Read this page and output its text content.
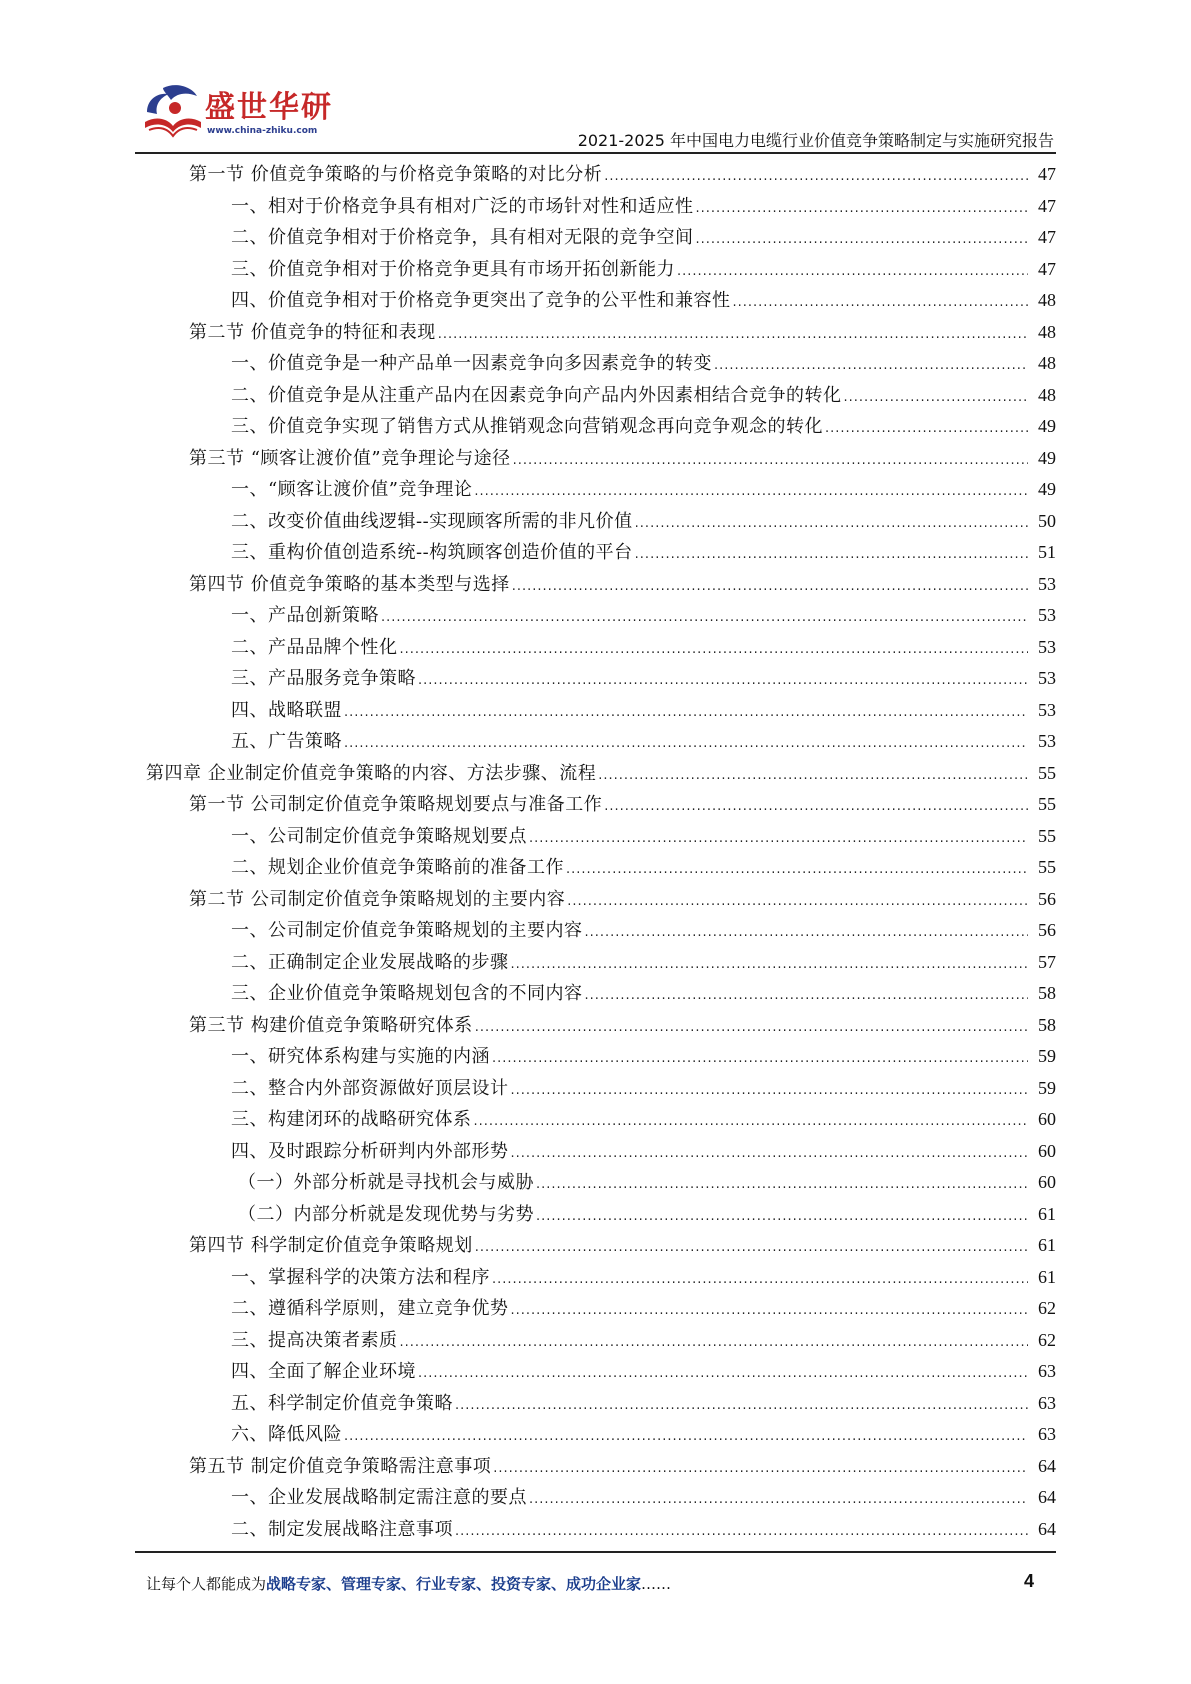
盛世华研
www.china-zhiku.com	2021-2025 年中国电力电缆行业价值竞争策略制定与实施研究报告
第一节 价值竞争策略的与价格竞争策略的对比分析 .....	47
一、相对于价格竞争具有相对广泛的市场针对性和适应性 .....	47
二、价值竞争相对于价格竞争，具有相对无限的竞争空间 .....	47
三、价值竞争相对于价格竞争更具有市场开拓创新能力 .....	47
四、价值竞争相对于价格竞争更突出了竞争的公平性和兼容性 .....	48
第二节 价值竞争的特征和表现 .....	48
一、价值竞争是一种产品单一因素竞争向多因素竞争的转变 .....	48
二、价值竞争是从注重产品内在因素竞争向产品内外因素相结合竞争的转化 .....	48
三、价值竞争实现了销售方式从推销观念向营销观念再向竞争观念的转化 .....	49
第三节 “顾客让渡价值”竞争理论与途径 .....	49
一、“顾客让渡价值”竞争理论 .....	49
二、改变价值曲线逻辑--实现顾客所需的非凡价值 .....	50
三、重构价值创造系统--构筑顾客创造价值的平台 .....	51
第四节 价值竞争策略的基本类型与选择 .....	53
一、产品创新策略 .....	53
二、产品品牌个性化 .....	53
三、产品服务竞争策略 .....	53
四、战略联盟 .....	53
五、广告策略 .....	53
第四章 企业制定价值竞争策略的内容、方法步骤、流程 .....	55
第一节 公司制定价值竞争策略规划要点与准备工作 .....	55
一、公司制定价值竞争策略规划要点 .....	55
二、规划企业价值竞争策略前的准备工作 .....	55
第二节 公司制定价值竞争策略规划的主要内容 .....	56
一、公司制定价值竞争策略规划的主要内容 .....	56
二、正确制定企业发展战略的步骤 .....	57
三、企业价值竞争策略规划包含的不同内容 .....	58
第三节 构建价值竞争策略研究体系 .....	58
一、研究体系构建与实施的内涵 .....	59
二、整合内外部资源做好顶层设计 .....	59
三、构建闭环的战略研究体系 .....	60
四、及时跟踪分析研判内外部形势 .....	60
（一）外部分析就是寻找机会与威胁 .....	60
（二）内部分析就是发现优势与劣势 .....	61
第四节 科学制定价值竞争策略规划 .....	61
一、掌握科学的决策方法和程序 .....	61
二、遵循科学原则，建立竞争优势 .....	62
三、提高决策者素质 .....	62
四、全面了解企业环境 .....	63
五、科学制定价值竞争策略 .....	63
六、降低风险 .....	63
第五节 制定价值竞争策略需注意事项 .....	64
一、企业发展战略制定需注意的要点 .....	64
二、制定发展战略注意事项 .....	64
让每个人都能成为战略专家、管理专家、行业专家、投资专家、成功企业家……	4
